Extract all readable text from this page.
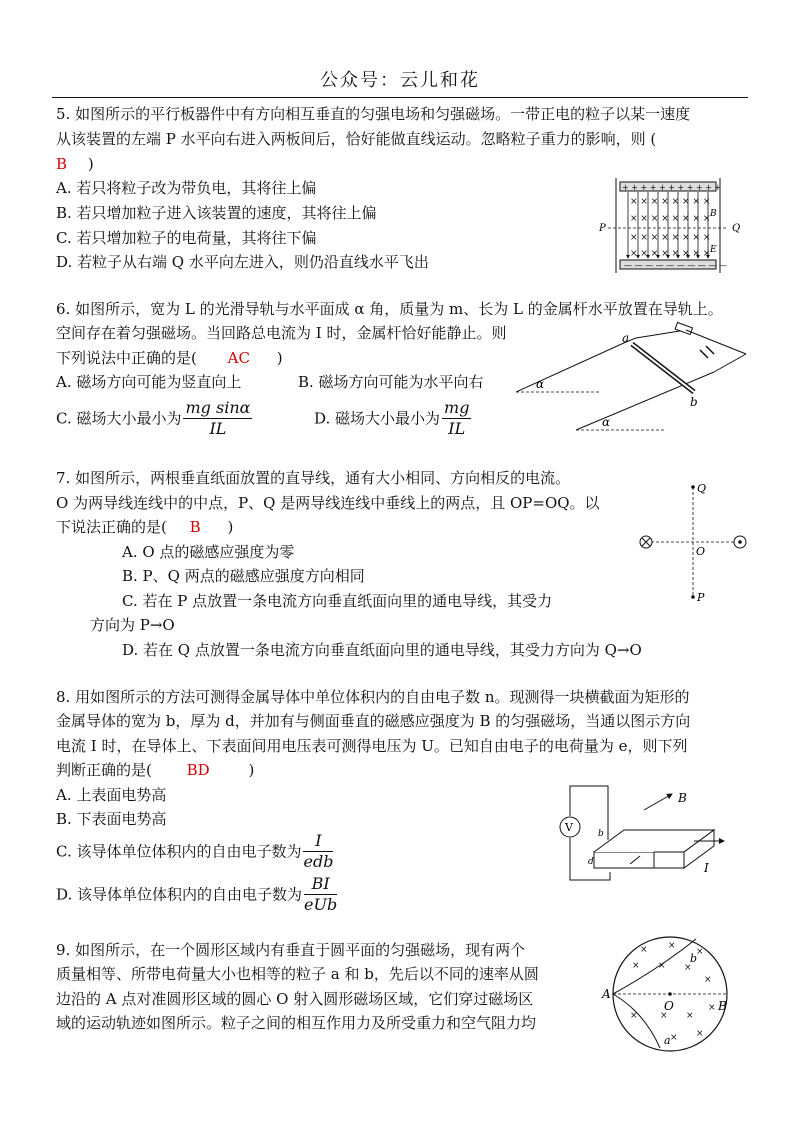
公众号：云儿和花
5. 如图所示的平行板器件中有方向相互垂直的匀强电场和匀强磁场。一带正电的粒子以某一速度
从该装置的左端 P 水平向右进入两板间后，恰好能做直线运动。忽略粒子重力的影响，则 (
B )
A. 若只将粒子改为带负电，其将往上偏
B. 若只增加粒子进入该装置的速度，其将往上偏
C. 若只增加粒子的电荷量，其将往下偏
D. 若粒子从右端 Q 水平向左进入，则仍沿直线水平飞出
+ + + + + + + + + + +
— — — — — — — — — —
× × × × × × × ×
× × × × × × × ×
× × × × × × × ×
× × × × × × × ×
P	Q
B
E
6. 如图所示，宽为 L 的光滑导轨与水平面成 α 角，质量为 m、长为 L 的金属杆水平放置在导轨上。
空间存在着匀强磁场。当回路总电流为 I 时，金属杆恰好能静止。则
下列说法中正确的是( AC )
A. 磁场方向可能为竖直向上	B. 磁场方向可能为水平向右
C. 磁场大小最小为 $\frac{\text{mg sinα}}{IL}$	D. 磁场大小最小为 $\frac{mg}{IL}$
a
b
α
α
7. 如图所示，两根垂直纸面放置的直导线，通有大小相同、方向相反的电流。
O 为两导线连线中的中点，P、Q 是两导线连线中垂线上的两点，且 OP=OQ。以
下说法正确的是( B )
A. O 点的磁感应强度为零
B. P、Q 两点的磁感应强度方向相同
C. 若在 P 点放置一条电流方向垂直纸面向里的通电导线，其受力
方向为 P→O
D. 若在 Q 点放置一条电流方向垂直纸面向里的通电导线，其受力方向为 Q→O
Q
O
P
8. 用如图所示的方法可测得金属导体中单位体积内的自由电子数 n。现测得一块横截面为矩形的
金属导体的宽为 b，厚为 d，并加有与侧面垂直的磁感应强度为 B 的匀强磁场，当通以图示方向
电流 I 时，在导体上、下表面间用电压表可测得电压为 U。已知自由电子的电荷量为 e，则下列
判断正确的是( BD	)
A. 上表面电势高
B. 下表面电势高
C. 该导体单位体积内的自由电子数为 $\frac{I}{\text{edb}}$
D. 该导体单位体积内的自由电子数为 $\frac{BI}{\text{eUb}}$
B
I
b
d
V
9. 如图所示，在一个圆形区域内有垂直于圆平面的匀强磁场，现有两个
质量相等、所带电荷量大小也相等的粒子 a 和 b，先后以不同的速率从圆
边沿的 A 点对准圆形区域的圆心 O 射入圆形磁场区域，它们穿过磁场区
域的运动轨迹如图所示。粒子之间的相互作用力及所受重力和空气阻力均
× ×
×
× × ×
×
× × ×
×
× ×
A
B
O
a
b
